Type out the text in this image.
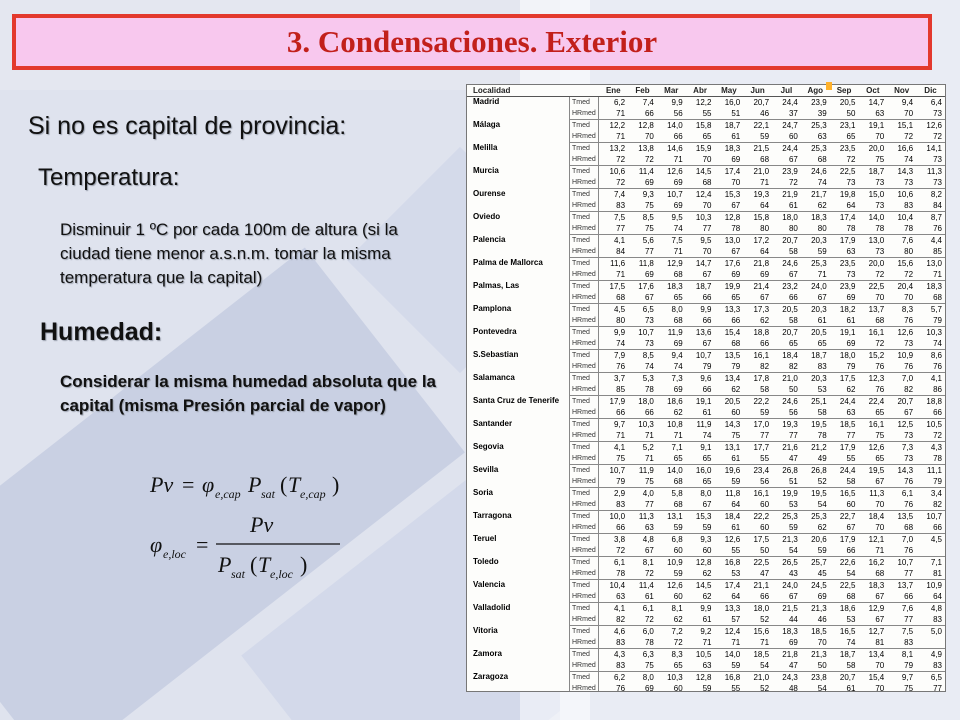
3. Condensaciones. Exterior
Si no es capital de provincia:
Temperatura:
Disminuir 1 ºC por cada 100m de altura (si la ciudad tiene menor a.s.n.m. tomar la misma temperatura que la capital)
Humedad:
Considerar la misma humedad absoluta que la capital (misma Presión parcial de vapor)
Pv = φ e,cap P sat ( T e,cap )
φ e,loc =
Pv
P sat ( T e,loc )
Localidad		Ene	Feb	Mar	Abr	May	Jun	Jul	Ago	Sep	Oct	Nov	Dic
Madrid	Tmed	6,2	7,4	9,9	12,2	16,0	20,7	24,4	23,9	20,5	14,7	9,4	6,4
	HRmed	71	66	56	55	51	46	37	39	50	63	70	73
Málaga	Tmed	12,2	12,8	14,0	15,8	18,7	22,1	24,7	25,3	23,1	19,1	15,1	12,6
	HRmed	71	70	66	65	61	59	60	63	65	70	72	72
Melilla	Tmed	13,2	13,8	14,6	15,9	18,3	21,5	24,4	25,3	23,5	20,0	16,6	14,1
	HRmed	72	72	71	70	69	68	67	68	72	75	74	73
Murcia	Tmed	10,6	11,4	12,6	14,5	17,4	21,0	23,9	24,6	22,5	18,7	14,3	11,3
	HRmed	72	69	69	68	70	71	72	74	73	73	73	73
Ourense	Tmed	7,4	9,3	10,7	12,4	15,3	19,3	21,9	21,7	19,8	15,0	10,6	8,2
	HRmed	83	75	69	70	67	64	61	62	64	73	83	84
Oviedo	Tmed	7,5	8,5	9,5	10,3	12,8	15,8	18,0	18,3	17,4	14,0	10,4	8,7
	HRmed	77	75	74	77	78	80	80	80	78	78	78	76
Palencia	Tmed	4,1	5,6	7,5	9,5	13,0	17,2	20,7	20,3	17,9	13,0	7,6	4,4
	HRmed	84	77	71	70	67	64	58	59	63	73	80	85
Palma de Mallorca	Tmed	11,6	11,8	12,9	14,7	17,6	21,8	24,6	25,3	23,5	20,0	15,6	13,0
	HRmed	71	69	68	67	69	69	67	71	73	72	72	71
Palmas, Las	Tmed	17,5	17,6	18,3	18,7	19,9	21,4	23,2	24,0	23,9	22,5	20,4	18,3
	HRmed	68	67	65	66	65	67	66	67	69	70	70	68
Pamplona	Tmed	4,5	6,5	8,0	9,9	13,3	17,3	20,5	20,3	18,2	13,7	8,3	5,7
	HRmed	80	73	68	66	66	62	58	61	61	68	76	79
Pontevedra	Tmed	9,9	10,7	11,9	13,6	15,4	18,8	20,7	20,5	19,1	16,1	12,6	10,3
	HRmed	74	73	69	67	68	66	65	65	69	72	73	74
S.Sebastian	Tmed	7,9	8,5	9,4	10,7	13,5	16,1	18,4	18,7	18,0	15,2	10,9	8,6
	HRmed	76	74	74	79	79	82	82	83	79	76	76	76
Salamanca	Tmed	3,7	5,3	7,3	9,6	13,4	17,8	21,0	20,3	17,5	12,3	7,0	4,1
	HRmed	85	78	69	66	62	58	50	53	62	76	82	86
Santa Cruz de Tenerife	Tmed	17,9	18,0	18,6	19,1	20,5	22,2	24,6	25,1	24,4	22,4	20,7	18,8
	HRmed	66	66	62	61	60	59	56	58	63	65	67	66
Santander	Tmed	9,7	10,3	10,8	11,9	14,3	17,0	19,3	19,5	18,5	16,1	12,5	10,5
	HRmed	71	71	71	74	75	77	77	78	77	75	73	72
Segovia	Tmed	4,1	5,2	7,1	9,1	13,1	17,7	21,6	21,2	17,9	12,6	7,3	4,3
	HRmed	75	71	65	65	61	55	47	49	55	65	73	78
Sevilla	Tmed	10,7	11,9	14,0	16,0	19,6	23,4	26,8	26,8	24,4	19,5	14,3	11,1
	HRmed	79	75	68	65	59	56	51	52	58	67	76	79
Soria	Tmed	2,9	4,0	5,8	8,0	11,8	16,1	19,9	19,5	16,5	11,3	6,1	3,4
	HRmed	83	77	68	67	64	60	53	54	60	70	76	82
Tarragona	Tmed	10,0	11,3	13,1	15,3	18,4	22,2	25,3	25,3	22,7	18,4	13,5	10,7
	HRmed	66	63	59	59	61	60	59	62	67	70	68	66
Teruel	Tmed	3,8	4,8	6,8	9,3	12,6	17,5	21,3	20,6	17,9	12,1	7,0	4,5
	HRmed	72	67	60	60	55	50	54	59	66	71	76	
Toledo	Tmed	6,1	8,1	10,9	12,8	16,8	22,5	26,5	25,7	22,6	16,2	10,7	7,1
	HRmed	78	72	59	62	53	47	43	45	54	68	77	81
Valencia	Tmed	10,4	11,4	12,6	14,5	17,4	21,1	24,0	24,5	22,5	18,3	13,7	10,9
	HRmed	63	61	60	62	64	66	67	69	68	67	66	64
Valladolid	Tmed	4,1	6,1	8,1	9,9	13,3	18,0	21,5	21,3	18,6	12,9	7,6	4,8
	HRmed	82	72	62	61	57	52	44	46	53	67	77	83
Vitoria	Tmed	4,6	6,0	7,2	9,2	12,4	15,6	18,3	18,5	16,5	12,7	7,5	5,0
	HRmed	83	78	72	71	71	71	69	70	74	81	83	
Zamora	Tmed	4,3	6,3	8,3	10,5	14,0	18,5	21,8	21,3	18,7	13,4	8,1	4,9
	HRmed	83	75	65	63	59	54	47	50	58	70	79	83
Zaragoza	Tmed	6,2	8,0	10,3	12,8	16,8	21,0	24,3	23,8	20,7	15,4	9,7	6,5
	HRmed	76	69	60	59	55	52	48	54	61	70	75	77
